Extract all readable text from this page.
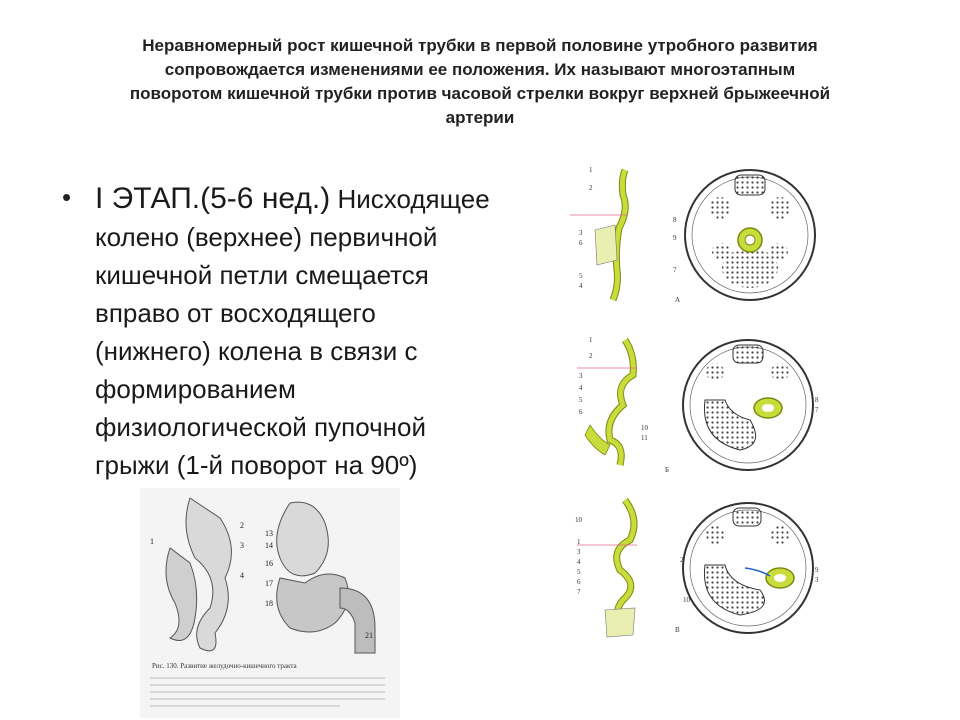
Неравномерный рост кишечной трубки в первой половине утробного развития
сопровождается изменениями ее положения. Их называют многоэтапным
поворотом кишечной трубки против часовой стрелки вокруг верхней брыжеечной
артерии
• I ЭТАП.(5-6 нед.) Нисходящее
колено (верхнее) первичной
кишечной петли смещается
вправо от восходящего
(нижнего) колена в связи с
формированием
физиологической пупочной
грыжи (1-й поворот на 90º)
1
2
3
6
5
4
А
8
9
7
1
2
3
4
5
6
10
11
Б
8
7
10
1
3
4
5
6
7
В
2
9
3
10
1
2
3
4
13
14
16
17
18
21
Рис. 130. Развитие желудочно-кишечного тракта
